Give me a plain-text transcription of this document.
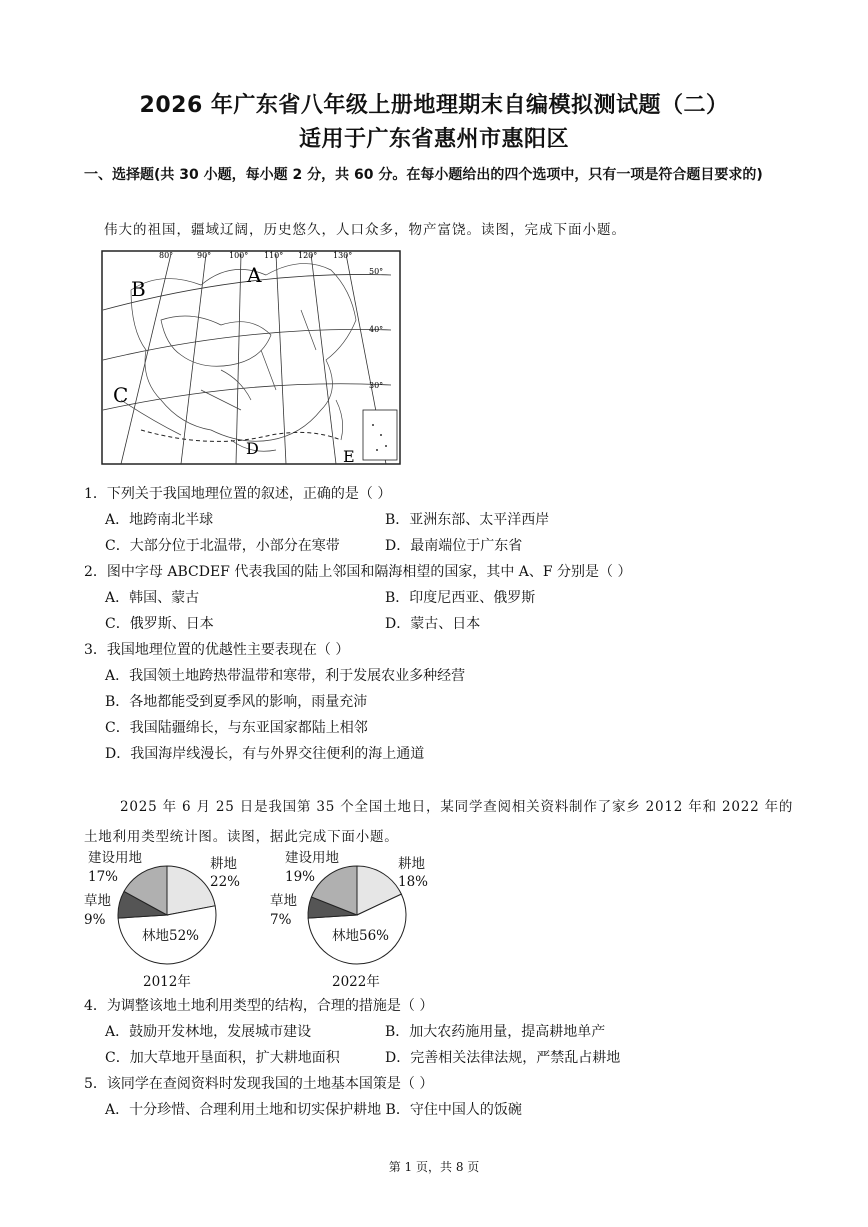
2026 年广东省八年级上册地理期末自编模拟测试题（二）
适用于广东省惠州市惠阳区
一、选择题(共 30 小题，每小题 2 分，共 60 分。在每小题给出的四个选项中，只有一项是符合题目要求的)
伟大的祖国，疆域辽阔，历史悠久，人口众多，物产富饶。读图，完成下面小题。
80°	90° 100° 110° 120° 130°
50°
40°
30°
A
B
C
D	E
1．下列关于我国地理位置的叙述，正确的是（ ）
A．地跨南北半球	B．亚洲东部、太平洋西岸
C．大部分位于北温带，小部分在寒带	D．最南端位于广东省
2．图中字母 ABCDEF 代表我国的陆上邻国和隔海相望的国家，其中 A、F 分别是（ ）
A．韩国、蒙古	B．印度尼西亚、俄罗斯
C．俄罗斯、日本	D．蒙古、日本
3．我国地理位置的优越性主要表现在（ ）
A．我国领土地跨热带温带和寒带，利于发展农业多种经营
B．各地都能受到夏季风的影响，雨量充沛
C．我国陆疆绵长，与东亚国家都陆上相邻
D．我国海岸线漫长，有与外界交往便利的海上通道
2025 年 6 月 25 日是我国第 35 个全国土地日，某同学查阅相关资料制作了家乡 2012 年和 2022 年的土地利用类型统计图。读图，据此完成下面小题。
建设用地
17%
耕地
22%
草地
9%
林地52%
2012年
建设用地
19%
耕地
18%
草地
7%
林地56%
2022年
4．为调整该地土地利用类型的结构，合理的措施是（ ）
A．鼓励开发林地，发展城市建设	B．加大农药施用量，提高耕地单产
C．加大草地开垦面积，扩大耕地面积	D．完善相关法律法规，严禁乱占耕地
5．该同学在查阅资料时发现我国的土地基本国策是（ ）
A．十分珍惜、合理利用土地和切实保护耕地 B．守住中国人的饭碗
第 1 页，共 8 页
